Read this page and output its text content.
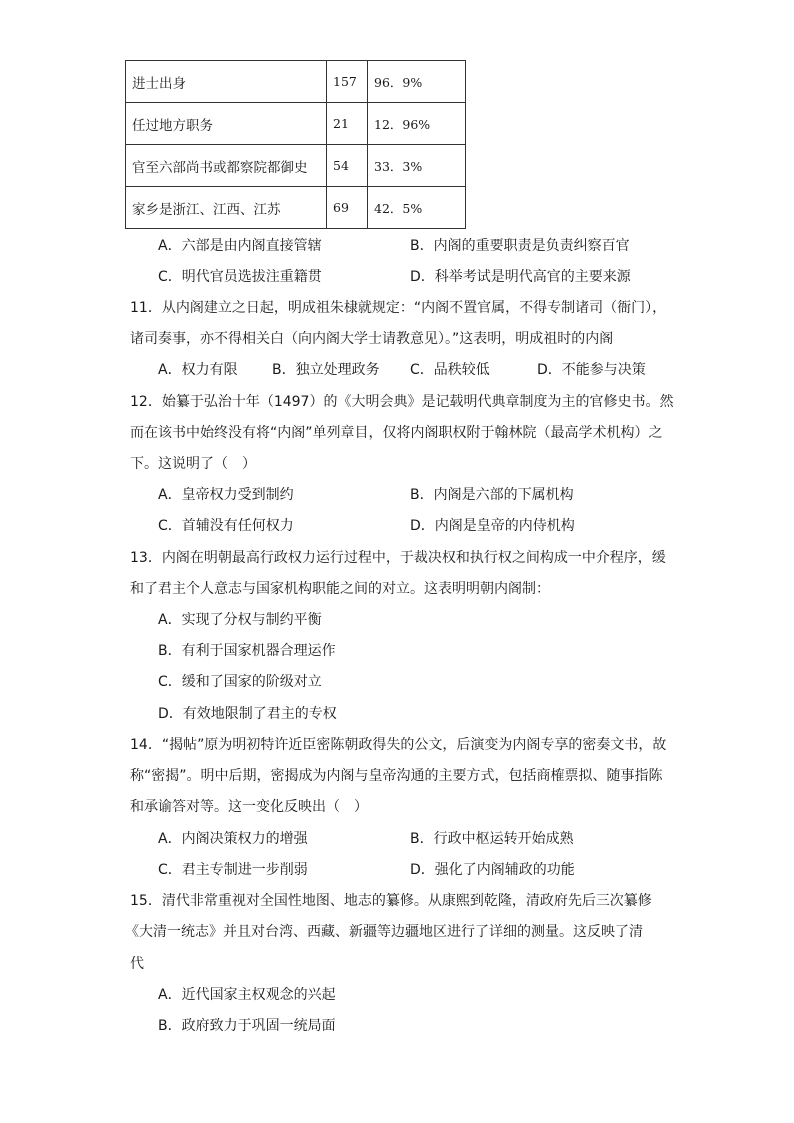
进士出身	157	96．9%
任过地方职务	21	12．96%
官至六部尚书或都察院都御史	54	33．3%
家乡是浙江、江西、江苏	69	42．5%
A．六部是由内阁直接管辖	B．内阁的重要职责是负责纠察百官
C．明代官员选拔注重籍贯	D．科举考试是明代高官的主要来源
11．从内阁建立之日起，明成祖朱棣就规定：“内阁不置官属，不得专制诸司（衙门），
诸司奏事，亦不得相关白（向内阁大学士请教意见）。”这表明，明成祖时的内阁
A．权力有限 B．独立处理政务 C．品秩较低	D．不能参与决策
12．始纂于弘治十年（1497）的《大明会典》是记载明代典章制度为主的官修史书。然
而在该书中始终没有将“内阁”单列章目，仅将内阁职权附于翰林院（最高学术机构）之
下。这说明了（　）
A．皇帝权力受到制约	B．内阁是六部的下属机构
C．首辅没有任何权力	D．内阁是皇帝的内侍机构
13．内阁在明朝最高行政权力运行过程中，于裁决权和执行权之间构成一中介程序，缓
和了君主个人意志与国家机构职能之间的对立。这表明明朝内阁制：
A．实现了分权与制约平衡
B．有利于国家机器合理运作
C．缓和了国家的阶级对立
D．有效地限制了君主的专权
14．“揭帖”原为明初特许近臣密陈朝政得失的公文，后演变为内阁专享的密奏文书，故
称“密揭”。明中后期，密揭成为内阁与皇帝沟通的主要方式，包括商榷票拟、随事指陈
和承谕答对等。这一变化反映出（　）
A．内阁决策权力的增强	B．行政中枢运转开始成熟
C．君主专制进一步削弱	D．强化了内阁辅政的功能
15．清代非常重视对全国性地图、地志的纂修。从康熙到乾隆，清政府先后三次纂修
《大清一统志》并且对台湾、西藏、新疆等边疆地区进行了详细的测量。这反映了清
代
A．近代国家主权观念的兴起
B．政府致力于巩固一统局面
